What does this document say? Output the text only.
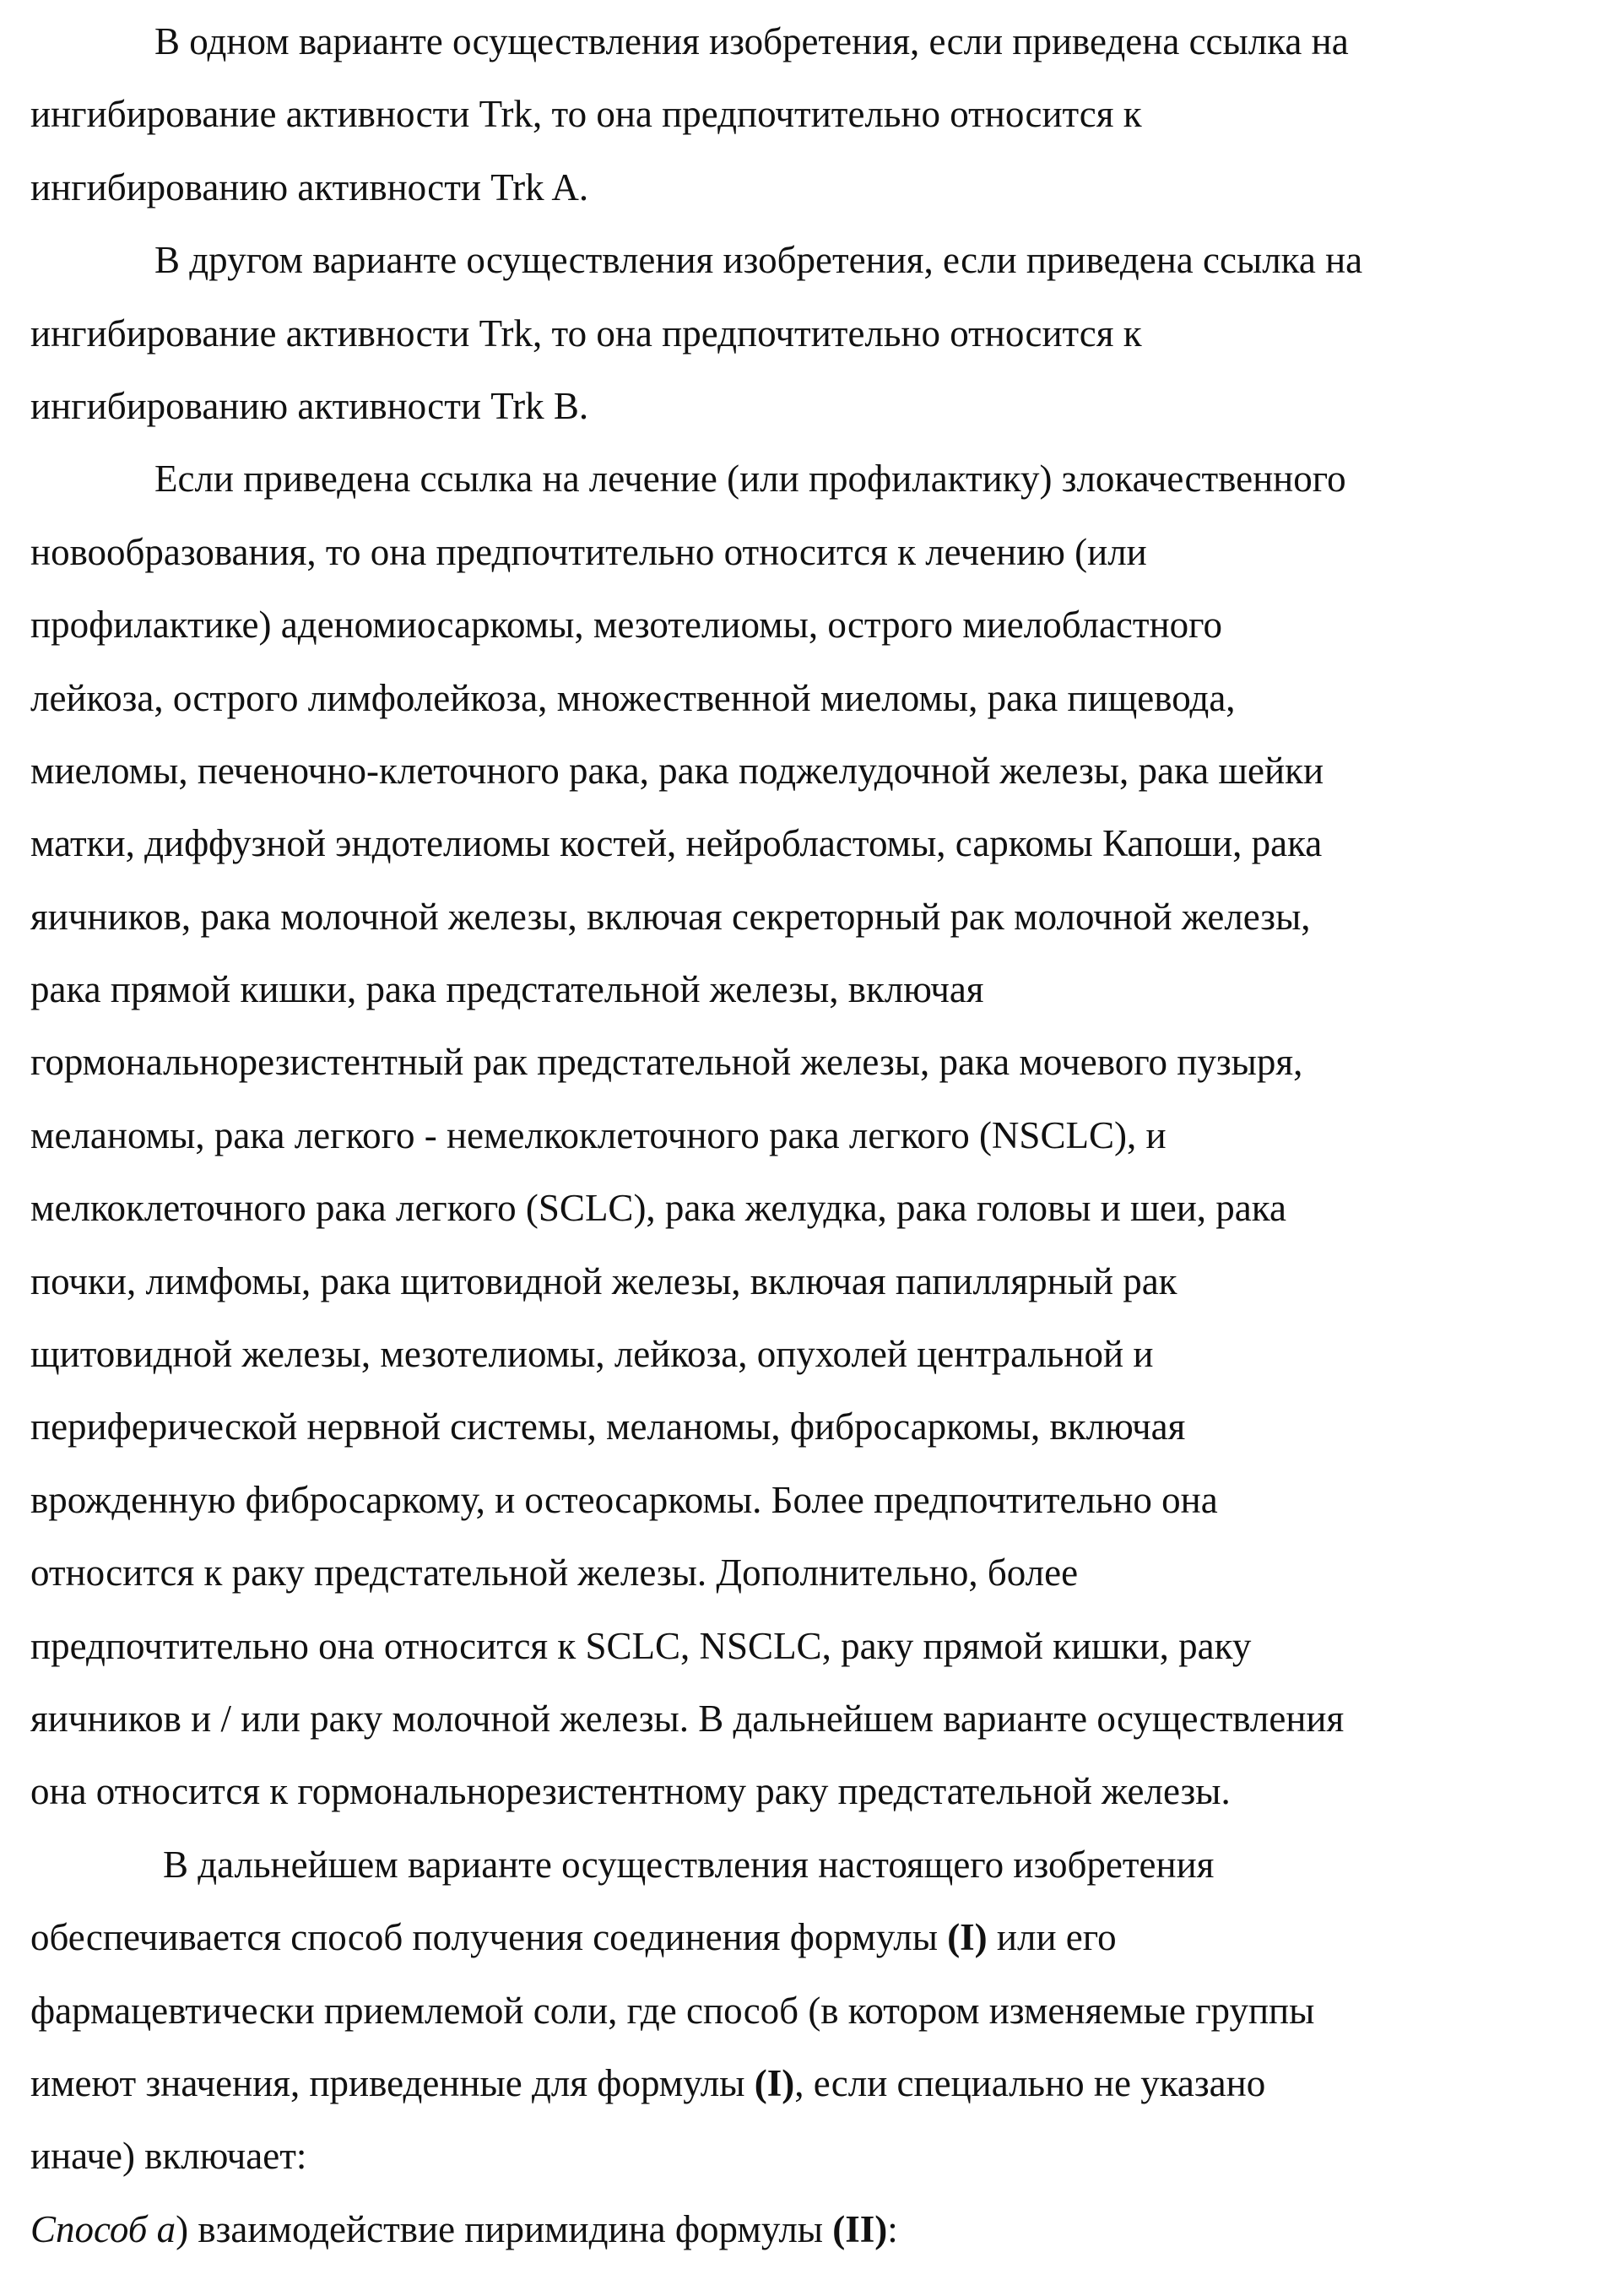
В одном варианте осуществления изобретения, если приведена ссылка на
ингибирование активности Trk, то она предпочтительно относится к
ингибированию активности Trk A.
В другом варианте осуществления изобретения, если приведена ссылка на
ингибирование активности Trk, то она предпочтительно относится к
ингибированию активности Trk B.
Если приведена ссылка на лечение (или профилактику) злокачественного
новообразования, то она предпочтительно относится к лечению (или
профилактике) аденомиосаркомы, мезотелиомы, острого миелобластного
лейкоза, острого лимфолейкоза, множественной миеломы, рака пищевода,
миеломы, печеночно-клеточного рака, рака поджелудочной железы, рака шейки
матки, диффузной эндотелиомы костей, нейробластомы, саркомы Капоши, рака
яичников, рака молочной железы, включая секреторный рак молочной железы,
рака прямой кишки, рака предстательной железы, включая
гормональнорезистентный рак предстательной железы, рака мочевого пузыря,
меланомы, рака легкого - немелкоклеточного рака легкого (NSCLC), и
мелкоклеточного рака легкого (SCLC), рака желудка, рака головы и шеи, рака
почки, лимфомы, рака щитовидной железы, включая папиллярный рак
щитовидной железы, мезотелиомы, лейкоза, опухолей центральной и
периферической нервной системы, меланомы, фибросаркомы, включая
врожденную фибросаркому, и остеосаркомы. Более предпочтительно она
относится к раку предстательной железы. Дополнительно, более
предпочтительно она относится к SCLC, NSCLC, раку прямой кишки, раку
яичников и / или раку молочной железы. В дальнейшем варианте осуществления
она относится к гормональнорезистентному раку предстательной железы.
В дальнейшем варианте осуществления настоящего изобретения
обеспечивается способ получения соединения формулы (I) или его
фармацевтически приемлемой соли, где способ (в котором изменяемые группы
имеют значения, приведенные для формулы (I), если специально не указано
иначе) включает:
Способ а) взаимодействие пиримидина формулы (II):
